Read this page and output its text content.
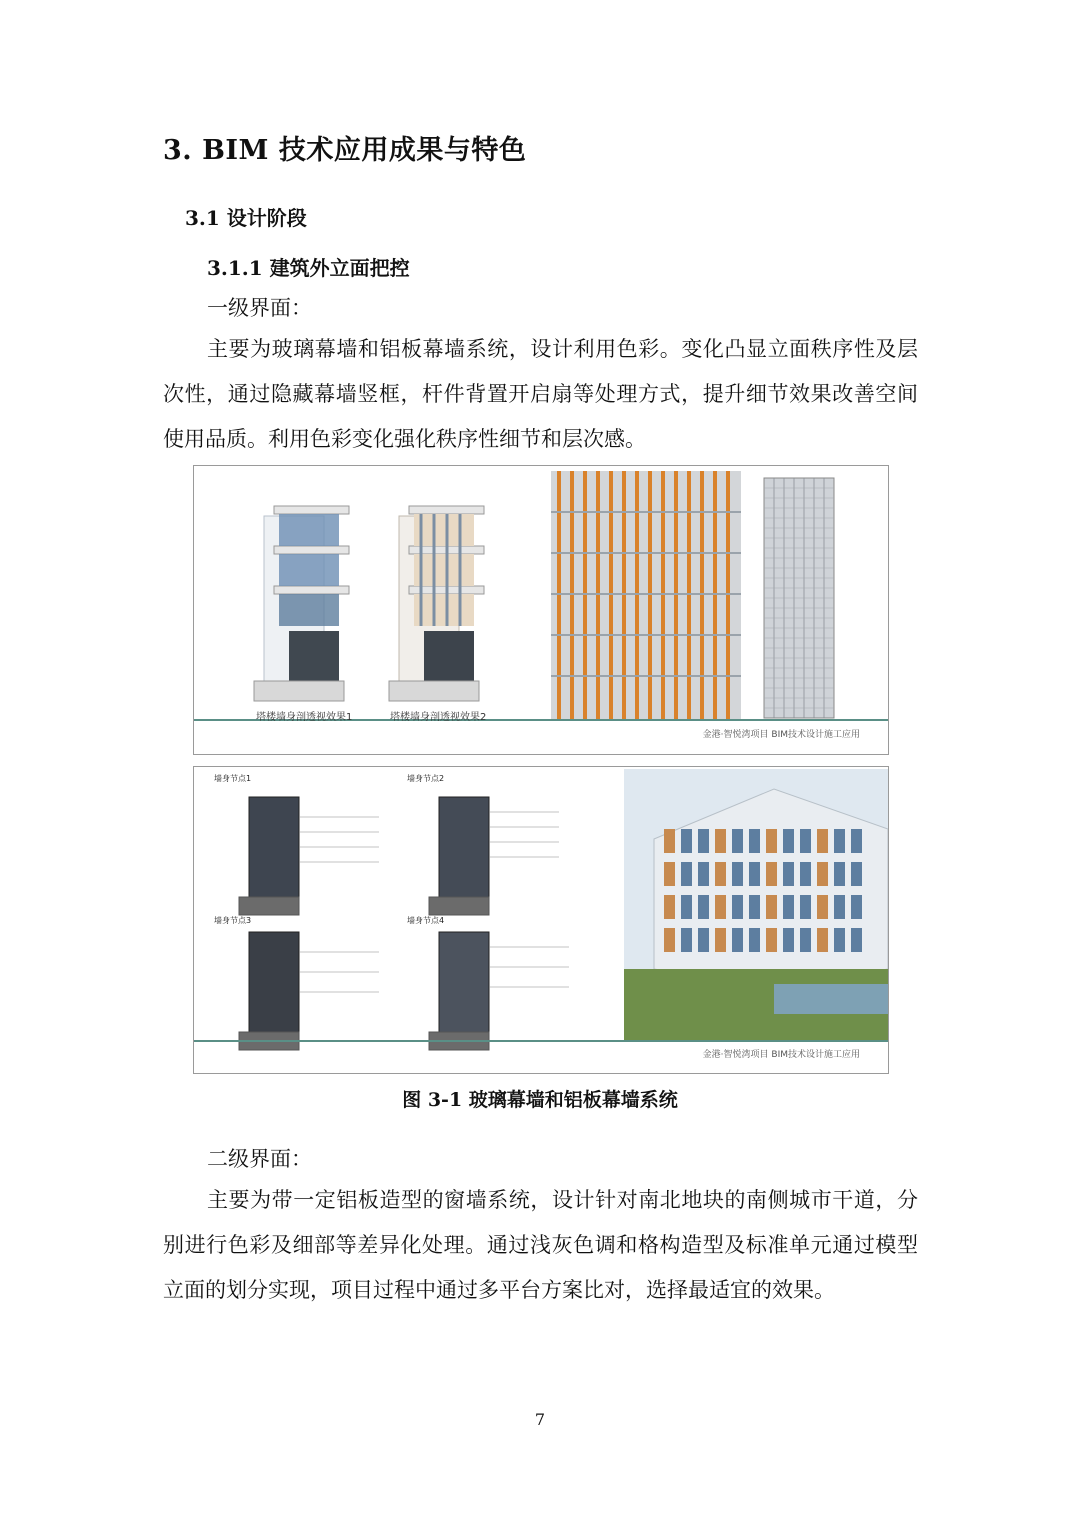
3. BIM 技术应用成果与特色
3.1 设计阶段
3.1.1 建筑外立面把控
一级界面：
主要为玻璃幕墙和铝板幕墙系统，设计利用色彩。变化凸显立面秩序性及层次性，通过隐藏幕墙竖框，杆件背置开启扇等处理方式，提升细节效果改善空间使用品质。利用色彩变化强化秩序性细节和层次感。
塔楼墙身剖透视效果1	塔楼墙身剖透视效果2
金港·智悦湾项目 BIM技术设计施工应用
墙身节点1	墙身节点2
墙身节点3	墙身节点4
金港·智悦湾项目 BIM技术设计施工应用
图 3-1 玻璃幕墙和铝板幕墙系统
二级界面：
主要为带一定铝板造型的窗墙系统，设计针对南北地块的南侧城市干道，分别进行色彩及细部等差异化处理。通过浅灰色调和格构造型及标准单元通过模型立面的划分实现，项目过程中通过多平台方案比对，选择最适宜的效果。
7
